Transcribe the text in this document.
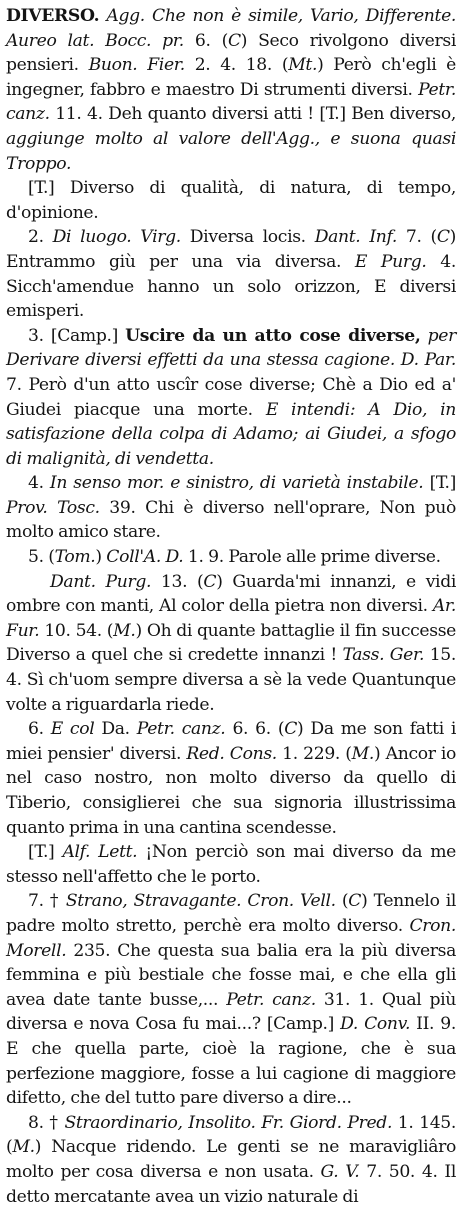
DIVERSO. Agg. Che non è simile, Vario, Differente. Aureo lat. Bocc. pr. 6. (C) Seco rivolgono diversi pensieri. Buon. Fier. 2. 4. 18. (Mt.) Però ch'egli è ingegner, fabbro e maestro Di strumenti diversi. Petr. canz. 11. 4. Deh quanto diversi atti ! [T.] Ben diverso, aggiunge molto al valore dell'Agg., e suona quasi Troppo.

[T.] Diverso di qualità, di natura, di tempo, d'opinione.

2. Di luogo. Virg. Diversa locis. Dant. Inf. 7. (C) Entrammo giù per una via diversa. E Purg. 4. Sicch'amendue hanno un solo orizzon, E diversi emisperi.

3. [Camp.] Uscire da un atto cose diverse, per Derivare diversi effetti da una stessa cagione. D. Par. 7. Però d'un atto uscîr cose diverse; Chè a Dio ed a' Giudei piacque una morte. E intendi: A Dio, in satisfazione della colpa di Adamo; ai Giudei, a sfogo di malignità, di vendetta.

4. In senso mor. e sinistro, di varietà instabile. [T.] Prov. Tosc. 39. Chi è diverso nell'oprare, Non può molto amico stare.

5. (Tom.) Coll'A. D. 1. 9. Parole alle prime diverse.

Dant. Purg. 13. (C) Guarda'mi innanzi, e vidi ombre con manti, Al color della pietra non diversi. Ar. Fur. 10. 54. (M.) Oh di quante battaglie il fin successe Diverso a quel che si credette innanzi ! Tass. Ger. 15. 4. Sì ch'uom sempre diversa a sè la vede Quantunque volte a riguardarla riede.

6. E col Da. Petr. canz. 6. 6. (C) Da me son fatti i miei pensier' diversi. Red. Cons. 1. 229. (M.) Ancor io nel caso nostro, non molto diverso da quello di Tiberio, consiglierei che sua signoria illustrissima quanto prima in una cantina scendesse.

[T.] Alf. Lett. ¡Non perciò son mai diverso da me stesso nell'affetto che le porto.

7. † Strano, Stravagante. Cron. Vell. (C) Tennelo il padre molto stretto, perchè era molto diverso. Cron. Morell. 235. Che questa sua balia era la più diversa femmina e più bestiale che fosse mai, e che ella gli avea date tante busse,... Petr. canz. 31. 1. Qual più diversa e nova Cosa fu mai...? [Camp.] D. Conv. II. 9. E che quella parte, cioè la ragione, che è sua perfezione maggiore, fosse a lui cagione di maggiore difetto, che del tutto pare diverso a dire...

8. † Straordinario, Insolito. Fr. Giord. Pred. 1. 145. (M.) Nacque ridendo. Le genti se ne maravigliâro molto per cosa diversa e non usata. G. V. 7. 50. 4. Il detto mercatante avea un vizio naturale di
